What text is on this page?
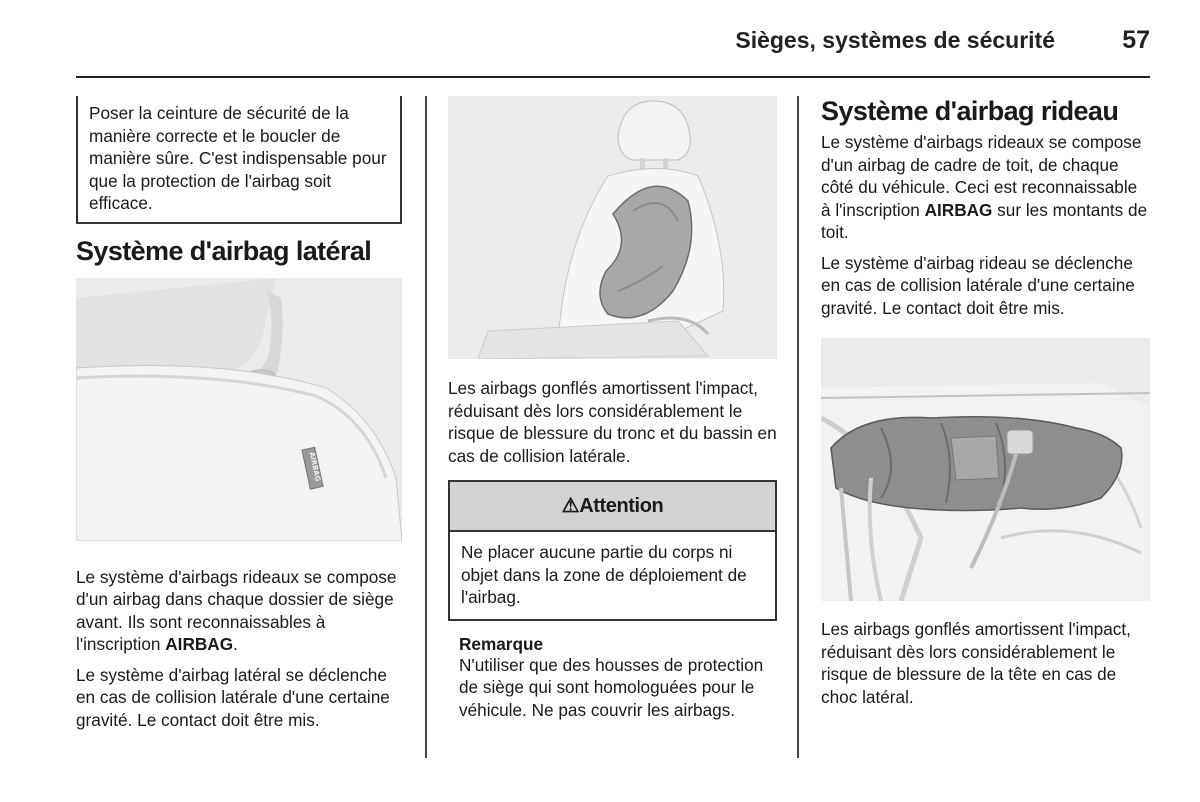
Sièges, systèmes de sécurité	57

Poser la ceinture de sécurité de la manière correcte et le boucler de manière sûre. C'est indispensable pour que la protection de l'airbag soit efficace.

Système d'airbag latéral
AIRBAG

Le système d'airbags rideaux se compose d'un airbag dans chaque dossier de siège avant. Ils sont reconnaissables à l'inscription AIRBAG.

Le système d'airbag latéral se déclenche en cas de collision latérale d'une certaine gravité. Le contact doit être mis.

Les airbags gonflés amortissent l'impact, réduisant dès lors considérablement le risque de blessure du tronc et du bassin en cas de collision latérale.

⚠Attention

Ne placer aucune partie du corps ni objet dans la zone de déploiement de l'airbag.

Remarque

N'utiliser que des housses de protection de siège qui sont homologuées pour le véhicule. Ne pas couvrir les airbags.

Système d'airbag rideau

Le système d'airbags rideaux se compose d'un airbag de cadre de toit, de chaque côté du véhicule. Ceci est reconnaissable à l'inscription AIRBAG sur les montants de toit.

Le système d'airbag rideau se déclenche en cas de collision latérale d'une certaine gravité. Le contact doit être mis.

Les airbags gonflés amortissent l'impact, réduisant dès lors considérablement le risque de blessure de la tête en cas de choc latéral.
